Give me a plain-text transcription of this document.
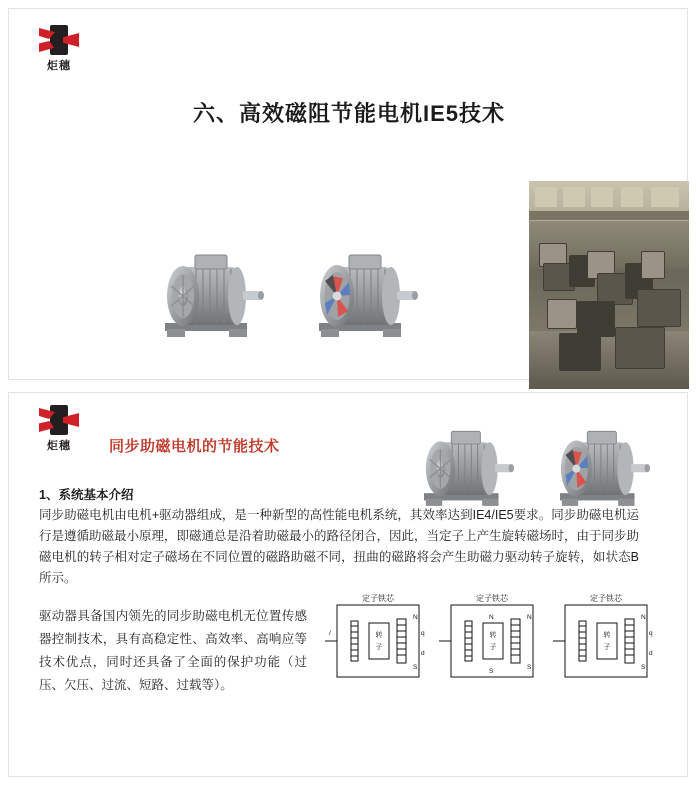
炬穗
六、高效磁阻节能电机IE5技术

炬穗	同步助磁电机的节能技术

1、系统基本介绍
同步助磁电机由电机+驱动器组成，是一种新型的高性能电机系统，其效率达到IE4/IE5要求。同步助磁电机运行是遵循助磁最小原理，即磁通总是沿着助磁最小的路径闭合，因此，当定子上产生旋转磁场时，由于同步助磁电机的转子相对定子磁场在不同位置的磁路助磁不同，扭曲的磁路将会产生助磁力驱动转子旋转，如状态B所示。
驱动器具备国内领先的同步助磁电机无位置传感器控制技术，具有高稳定性、高效率、高响应等技术优点，同时还具备了全面的保护功能（过压、欠压、过流、短路、过载等）。
定子铁芯
转
子
N
S
q
d
/
定子铁芯
转
子
N
S
N
S
定子铁芯
转
子
N
S
q
d
